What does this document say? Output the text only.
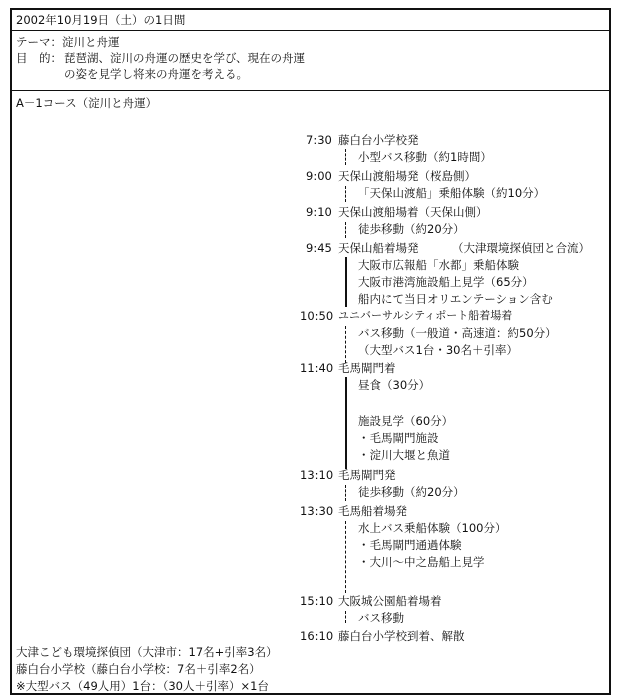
2002年10月19日（土）の1日間
テーマ：淀川と舟運
目　的： 琵琶湖、淀川の舟運の歴史を学び、現在の舟運
の姿を見学し将来の舟運を考える。
A－1コース（淀川と舟運）
7:30 藤白台小学校発
小型バス移動（約1時間）
9:00 天保山渡船場発（桜島側）
「天保山渡船」乗船体験（約10分）
9:10 天保山渡船場着（天保山側）
徒歩移動（約20分）
9:45 天保山船着場発	（大津環境探偵団と合流）
大阪市広報船「水都」乗船体験
大阪市港湾施設船上見学（65分）
船内にて当日オリエンテーション含む
10:50 ユニバーサルシティポート船着場着
バス移動（一般道・高速道：約50分）
（大型バス1台・30名＋引率）
11:40 毛馬閘門着
昼食（30分）
施設見学（60分）
・毛馬閘門施設
・淀川大堰と魚道
13:10 毛馬閘門発
徒歩移動（約20分）
13:30 毛馬船着場発
水上バス乗船体験（100分）
・毛馬閘門通過体験
・大川～中之島船上見学
15:10 大阪城公園船着場着
バス移動
16:10 藤白台小学校到着、解散
大津こども環境探偵団（大津市：17名+引率3名）
藤白台小学校（藤白台小学校：7名＋引率2名）
※大型バス（49人用）1台：（30人＋引率）×1台
